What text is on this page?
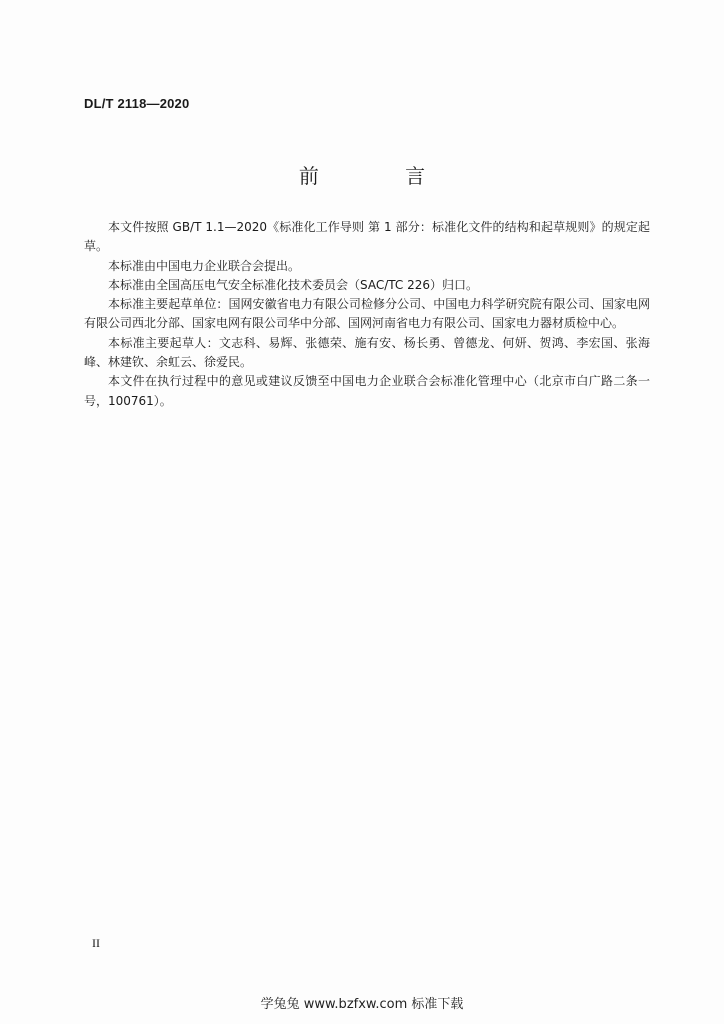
DL/T 2118—2020
前 言

本文件按照 GB/T 1.1—2020《标准化工作导则 第 1 部分：标准化文件的结构和起草规则》的规定起草。

本标准由中国电力企业联合会提出。

本标准由全国高压电气安全标准化技术委员会（SAC/TC 226）归口。

本标准主要起草单位：国网安徽省电力有限公司检修分公司、中国电力科学研究院有限公司、国家电网有限公司西北分部、国家电网有限公司华中分部、国网河南省电力有限公司、国家电力器材质检中心。

本标准主要起草人：文志科、易辉、张德荣、施有安、杨长勇、曾德龙、何妍、贺鸿、李宏国、张海峰、林建钦、余虹云、徐爱民。

本文件在执行过程中的意见或建议反馈至中国电力企业联合会标准化管理中心（北京市白广路二条一号，100761）。

II
学兔兔 www.bzfxw.com 标准下载
